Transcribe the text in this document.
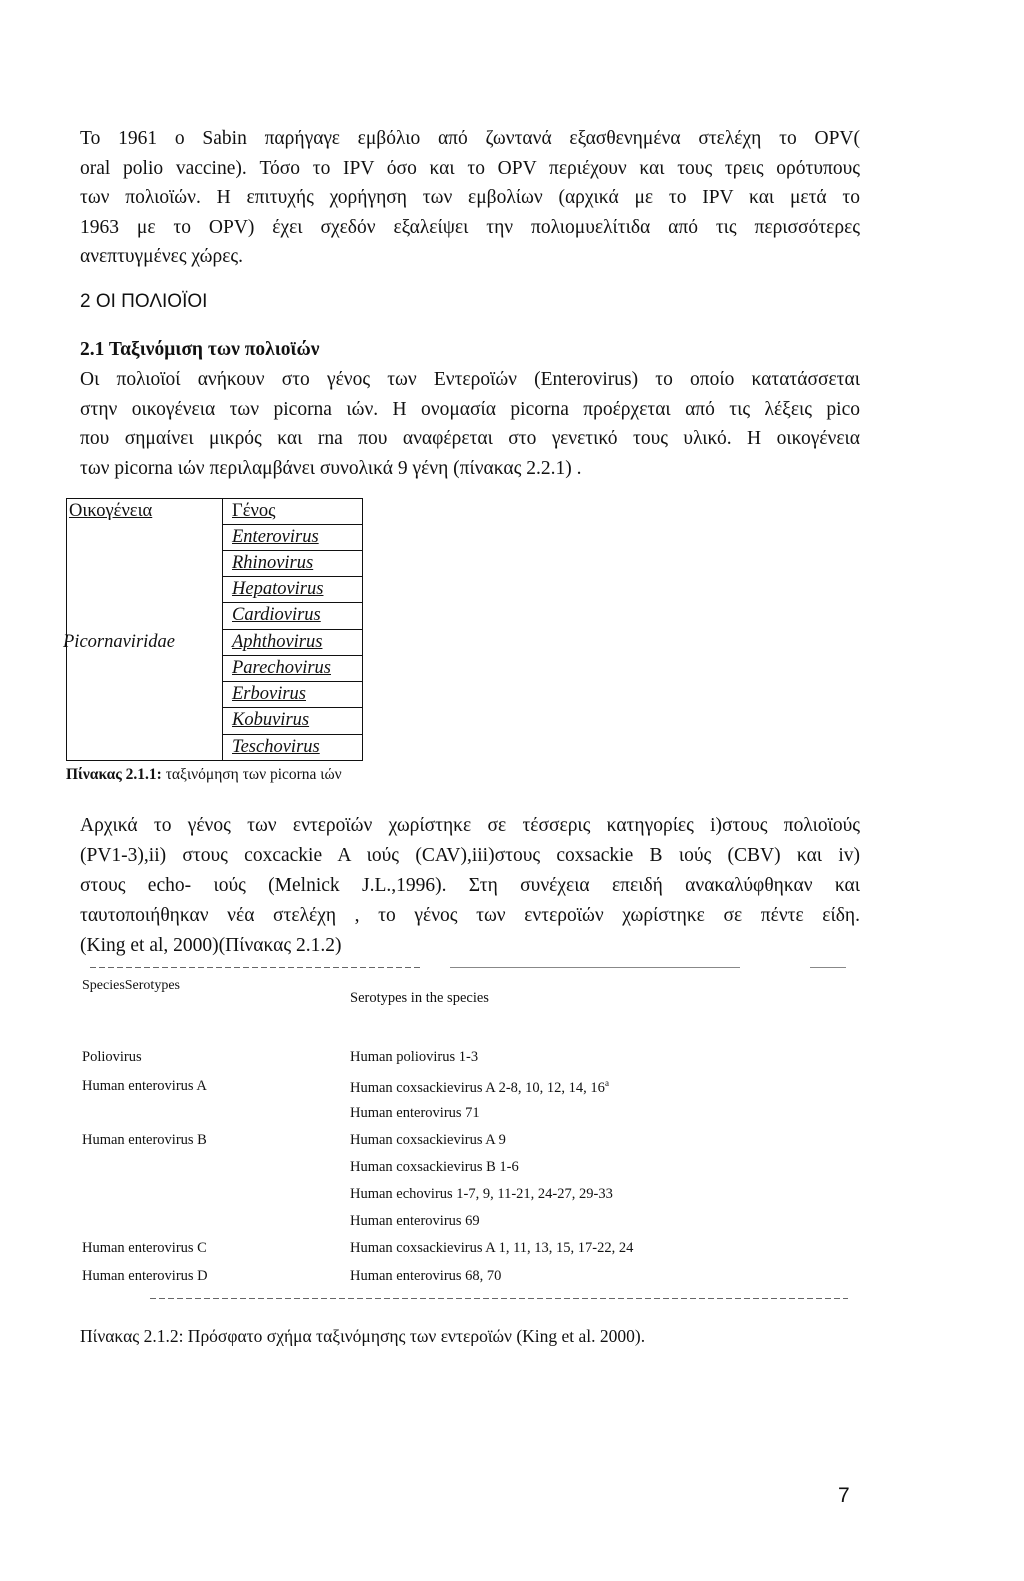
Το 1961 ο Sabin παρήγαγε εμβόλιο από ζωντανά εξασθενημένα στελέχη το OPV(
oral polio vaccine). Τόσο το IPV όσο και το OPV περιέχουν και τους τρεις ορότυπους
των πολιοϊών. Η επιτυχής χορήγηση των εμβολίων (αρχικά με το IPV και μετά το
1963 με το OPV) έχει σχεδόν εξαλείψει την πολιομυελίτιδα από τις περισσότερες
ανεπτυγμένες χώρες.
2 ΟΙ ΠΟΛΙΟΪΟΙ
2.1 Ταξινόμιση των πολιοϊών
Οι πολιοϊοί ανήκουν στο γένος των Εντεροϊών (Enterovirus) το οποίο κατατάσσεται
στην οικογένεια των picorna ιών. Η ονομασία picorna προέρχεται από τις λέξεις pico
που σημαίνει μικρός και rna που αναφέρεται στο γενετικό τους υλικό. Η οικογένεια
των picorna ιών περιλαμβάνει συνολικά 9 γένη (πίνακας 2.2.1) .
Οικογένεια	Γένος
Picornaviridae
Enterovirus
Rhinovirus
Hepatovirus
Cardiovirus
Aphthovirus
Parechovirus
Erbovirus
Kobuvirus
Teschovirus
Πίνακας 2.1.1: ταξινόμηση των picorna ιών
Αρχικά το γένος των εντεροϊών χωρίστηκε σε τέσσερις κατηγορίες i)στους πολιοϊούς
(PV1-3),ii) στους coxcackie A ιούς (CAV),iii)στους coxsackie B ιούς (CBV) και iv)
στους echo- ιούς (Melnick J.L.,1996). Στη συνέχεια επειδή ανακαλύφθηκαν και
ταυτοποιήθηκαν νέα στελέχη , το γένος των εντεροϊών χωρίστηκε σε πέντε είδη.
(King et al, 2000)(Πίνακας 2.1.2)
SpeciesSerotypes
Serotypes in the species
Poliovirus
Human enterovirus A
Human enterovirus B
Human enterovirus C
Human enterovirus D
Human poliovirus 1-3
Human coxsackievirus A 2-8, 10, 12, 14, 16$^a$
Human enterovirus 71
Human coxsackievirus A 9
Human coxsackievirus B 1-6
Human echovirus 1-7, 9, 11-21, 24-27, 29-33
Human enterovirus 69
Human coxsackievirus A 1, 11, 13, 15, 17-22, 24
Human enterovirus 68, 70
Πίνακας 2.1.2: Πρόσφατο σχήμα ταξινόμησης των εντεροϊών (King et al. 2000).
7
